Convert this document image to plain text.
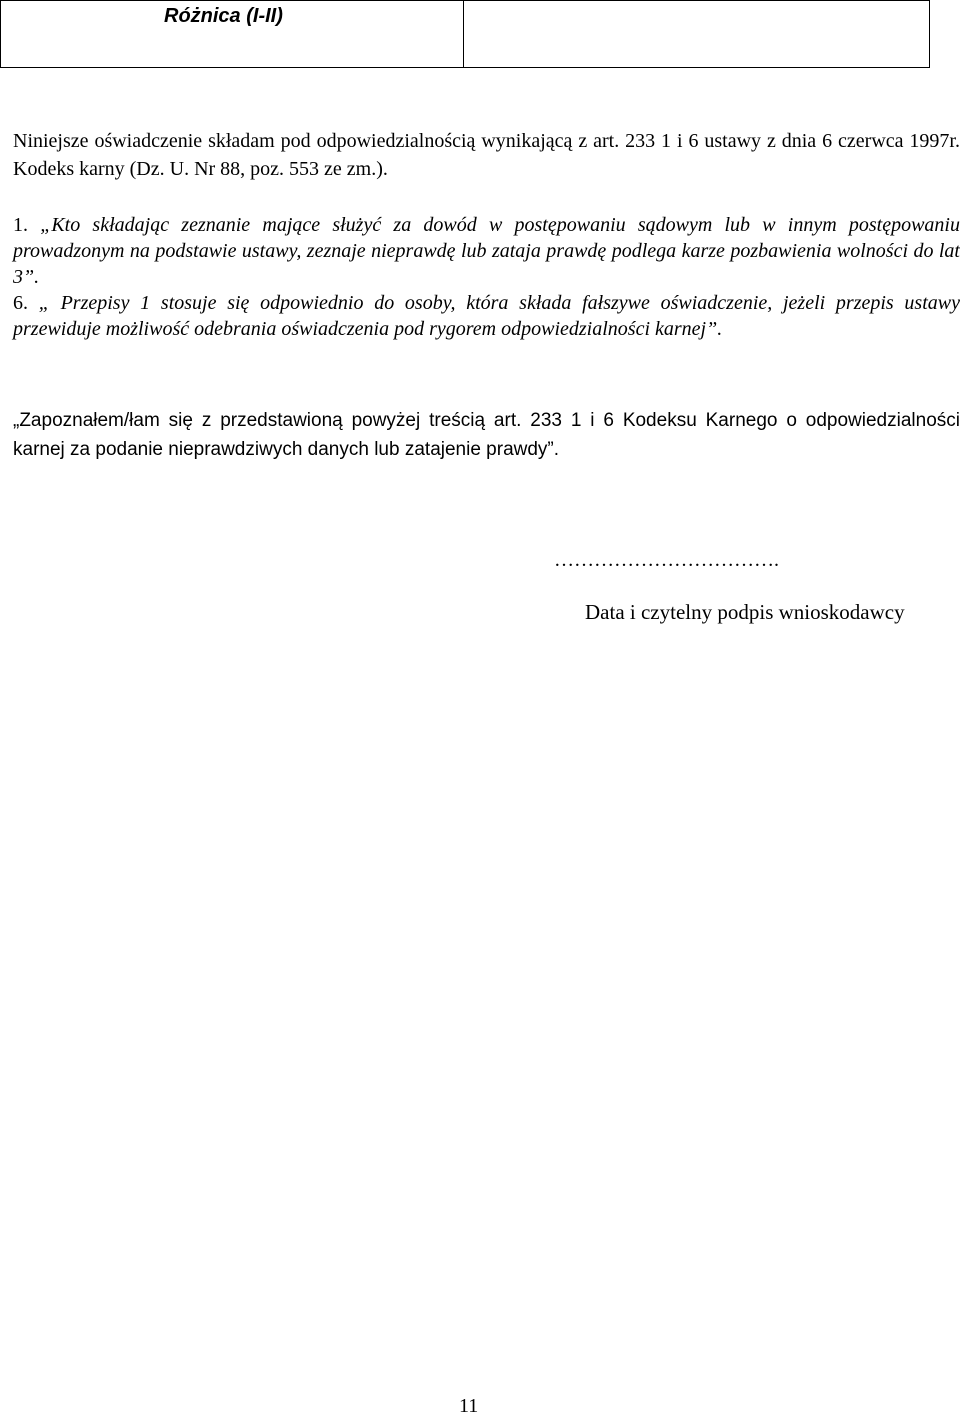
Różnica (I-II)

Niniejsze oświadczenie składam pod odpowiedzialnością wynikającą z art. 233 1 i 6 ustawy z dnia 6 czerwca 1997r. Kodeks karny (Dz. U. Nr 88, poz. 553 ze zm.).

1. „Kto składając zeznanie mające służyć za dowód w postępowaniu sądowym lub w innym postępowaniu prowadzonym na podstawie ustawy, zeznaje nieprawdę lub zataja prawdę podlega karze pozbawienia wolności do lat 3”.

6. „ Przepisy 1 stosuje się odpowiednio do osoby, która składa fałszywe oświadczenie, jeżeli przepis ustawy przewiduje możliwość odebrania oświadczenia pod rygorem odpowiedzialności karnej”.

„Zapoznałem/łam się z przedstawioną powyżej treścią art. 233 1 i 6 Kodeksu Karnego o odpowiedzialności karnej za podanie nieprawdziwych danych lub zatajenie prawdy”.

…………………………….
Data i czytelny podpis wnioskodawcy
11
